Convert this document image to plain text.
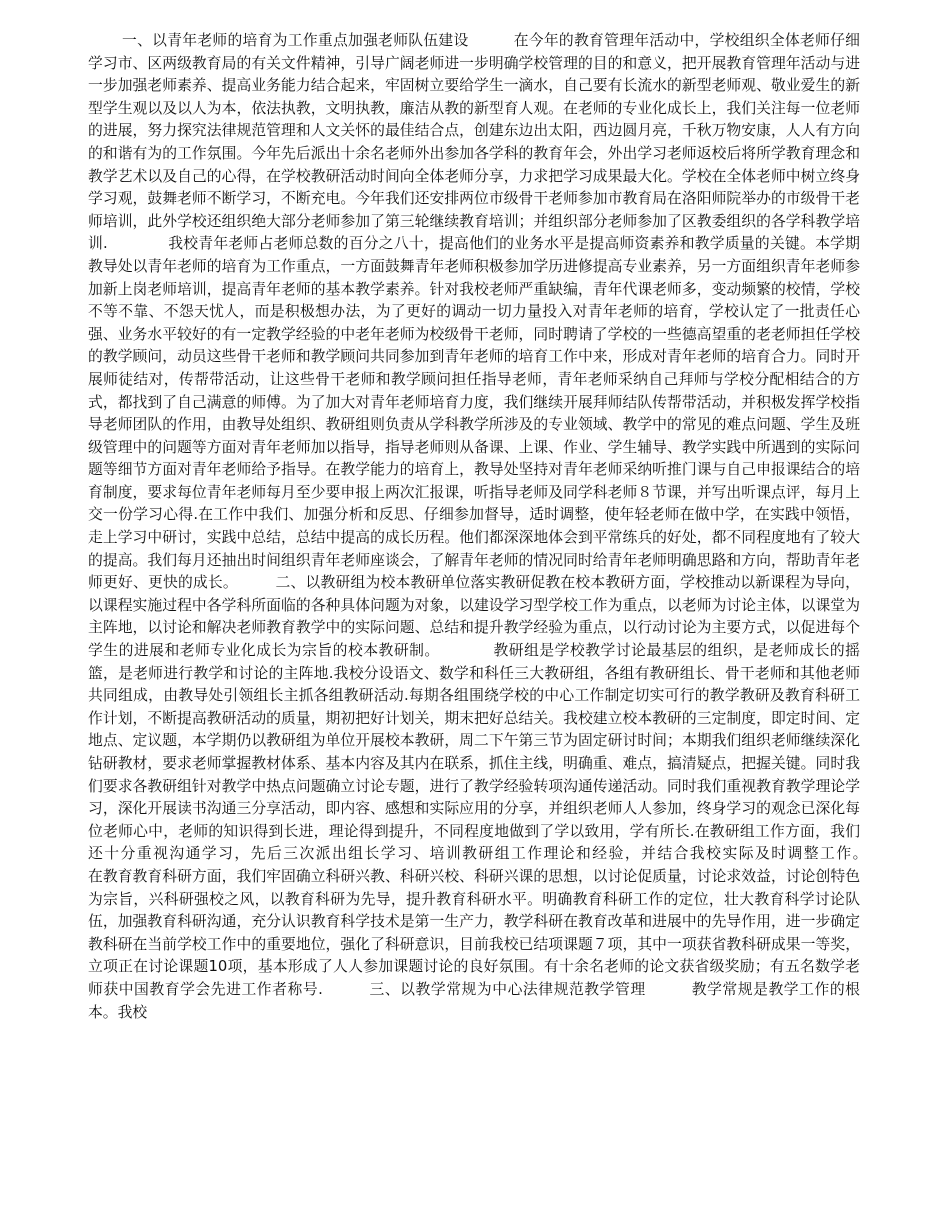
一、以青年老师的培育为工作重点加强老师队伍建设　　　	在今年的教育管理年活动中，学校组织全体老师仔细学习市、区两级教育局的有关文件精神，引导广阔老师进一步明确学校管理的目的和意义，把开展教育管理年活动与进一步加强老师素养、提高业务能力结合起来，牢固树立要给学生一滴水，自己要有长流水的新型老师观、敬业爱生的新型学生观以及以人为本，依法执教，文明执教，廉洁从教的新型育人观。在老师的专业化成长上，我们关注每一位老师的进展，努力探究法律规范管理和人文关怀的最佳结合点，创建东边出太阳，西边圆月亮，千秋万物安康，人人有方向的和谐有为的工作氛围。今年先后派出十余名老师外出参加各学科的教育年会，外出学习老师返校后将所学教育理念和教学艺术以及自己的心得，在学校教研活动时间向全体老师分享，力求把学习成果最大化。学校在全体老师中树立终身学习观，鼓舞老师不断学习，不断充电。今年我们还安排两位市级骨干老师参加市教育局在洛阳师院举办的市级骨干老师培训，此外学校还组织绝大部分老师参加了第三轮继续教育培训；并组织部分老师参加了区教委组织的各学科教学培训.　　　　	我校青年老师占老师总数的百分之八十，提高他们的业务水平是提高师资素养和教学质量的关键。本学期教导处以青年老师的培育为工作重点，一方面鼓舞青年老师积极参加学历进修提高专业素养，另一方面组织青年老师参加新上岗老师培训，提高青年老师的基本教学素养。针对我校老师严重缺编，青年代课老师多，变动频繁的校情，学校不等不靠、不怨天忧人，而是积极想办法，为了更好的调动一切力量投入对青年老师的培育，学校认定了一批责任心强、业务水平较好的有一定教学经验的中老年老师为校级骨干老师，同时聘请了学校的一些德高望重的老老师担任学校的教学顾问，动员这些骨干老师和教学顾问共同参加到青年老师的培育工作中来，形成对青年老师的培育合力。同时开展师徒结对，传帮带活动，让这些骨干老师和教学顾问担任指导老师，青年老师采纳自己拜师与学校分配相结合的方式，都找到了自己满意的师傅。为了加大对青年老师培育力度，我们继续开展拜师结队传帮带活动，并积极发挥学校指导老师团队的作用，由教导处组织、教研组则负责从学科教学所涉及的专业领域、教学中的常见的难点问题、学生及班级管理中的问题等方面对青年老师加以指导，指导老师则从备课、上课、作业、学生辅导、教学实践中所遇到的实际问题等细节方面对青年老师给予指导。在教学能力的培育上，教导处坚持对青年老师采纳听推门课与自己申报课结合的培育制度，要求每位青年老师每月至少要申报上两次汇报课，听指导老师及同学科老师８节课，并写出听课点评，每月上交一份学习心得.在工作中我们、加强分析和反思、仔细参加督导，适时调整，使年轻老师在做中学，在实践中领悟，走上学习中研讨，实践中总结，总结中提高的成长历程。他们都深深地体会到平常练兵的好处，都不同程度地有了较大的提高。我们每月还抽出时间组织青年老师座谈会，了解青年老师的情况同时给青年老师明确思路和方向，帮助青年老师更好、更快的成长。　　　	二、以教研组为校本教研单位落实教研促教在校本教研方面，学校推动以新课程为导向，以课程实施过程中各学科所面临的各种具体问题为对象，以建设学习型学校工作为重点，以老师为讨论主体，以课堂为主阵地，以讨论和解决老师教育教学中的实际问题、总结和提升教学经验为重点，以行动讨论为主要方式，以促进每个学生的进展和老师专业化成长为宗旨的校本教研制。　　　　	教研组是学校教学讨论最基层的组织，是老师成长的摇篮，是老师进行教学和讨论的主阵地.我校分设语文、数学和科任三大教研组，各组有教研组长、骨干老师和其他老师共同组成，由教导处引领组长主抓各组教研活动.每期各组围绕学校的中心工作制定切实可行的教学教研及教育科研工作计划，不断提高教研活动的质量，期初把好计划关，期末把好总结关。我校建立校本教研的三定制度，即定时间、定地点、定议题，本学期仍以教研组为单位开展校本教研，周二下午第三节为固定研讨时间；本期我们组织老师继续深化钻研教材，要求老师掌握教材体系、基本内容及其内在联系，抓住主线，明确重、难点，搞清疑点，把握关键。同时我们要求各教研组针对教学中热点问题确立讨论专题，进行了教学经验转项沟通传递活动。同时我们重视教育教学理论学习，深化开展读书沟通三分享活动，即内容、感想和实际应用的分享，并组织老师人人参加，终身学习的观念已深化每位老师心中，老师的知识得到长进，理论得到提升，不同程度地做到了学以致用，学有所长.在教研组工作方面，我们还十分重视沟通学习，先后三次派出组长学习、培训教研组工作理论和经验，并结合我校实际及时调整工作。　　　　在教育教育科研方面，我们牢固确立科研兴教、科研兴校、科研兴课的思想，以讨论促质量，讨论求效益，讨论创特色为宗旨，兴科研强校之风，以教育科研为先导，提升教育科研水平。明确教育科研工作的定位，壮大教育科学讨论队伍，加强教育科研沟通，充分认识教育科学技术是第一生产力，教学科研在教育改革和进展中的先导作用，进一步确定教科研在当前学校工作中的重要地位，强化了科研意识，目前我校已结项课题７项，其中一项获省教科研成果一等奖，立项正在讨论课题10项，基本形成了人人参加课题讨论的良好氛围。有十余名老师的论文获省级奖励；有五名数学老师获中国教育学会先进工作者称号.　　　	三、以教学常规为中心法律规范教学管理　　　	教学常规是教学工作的根本。我校
